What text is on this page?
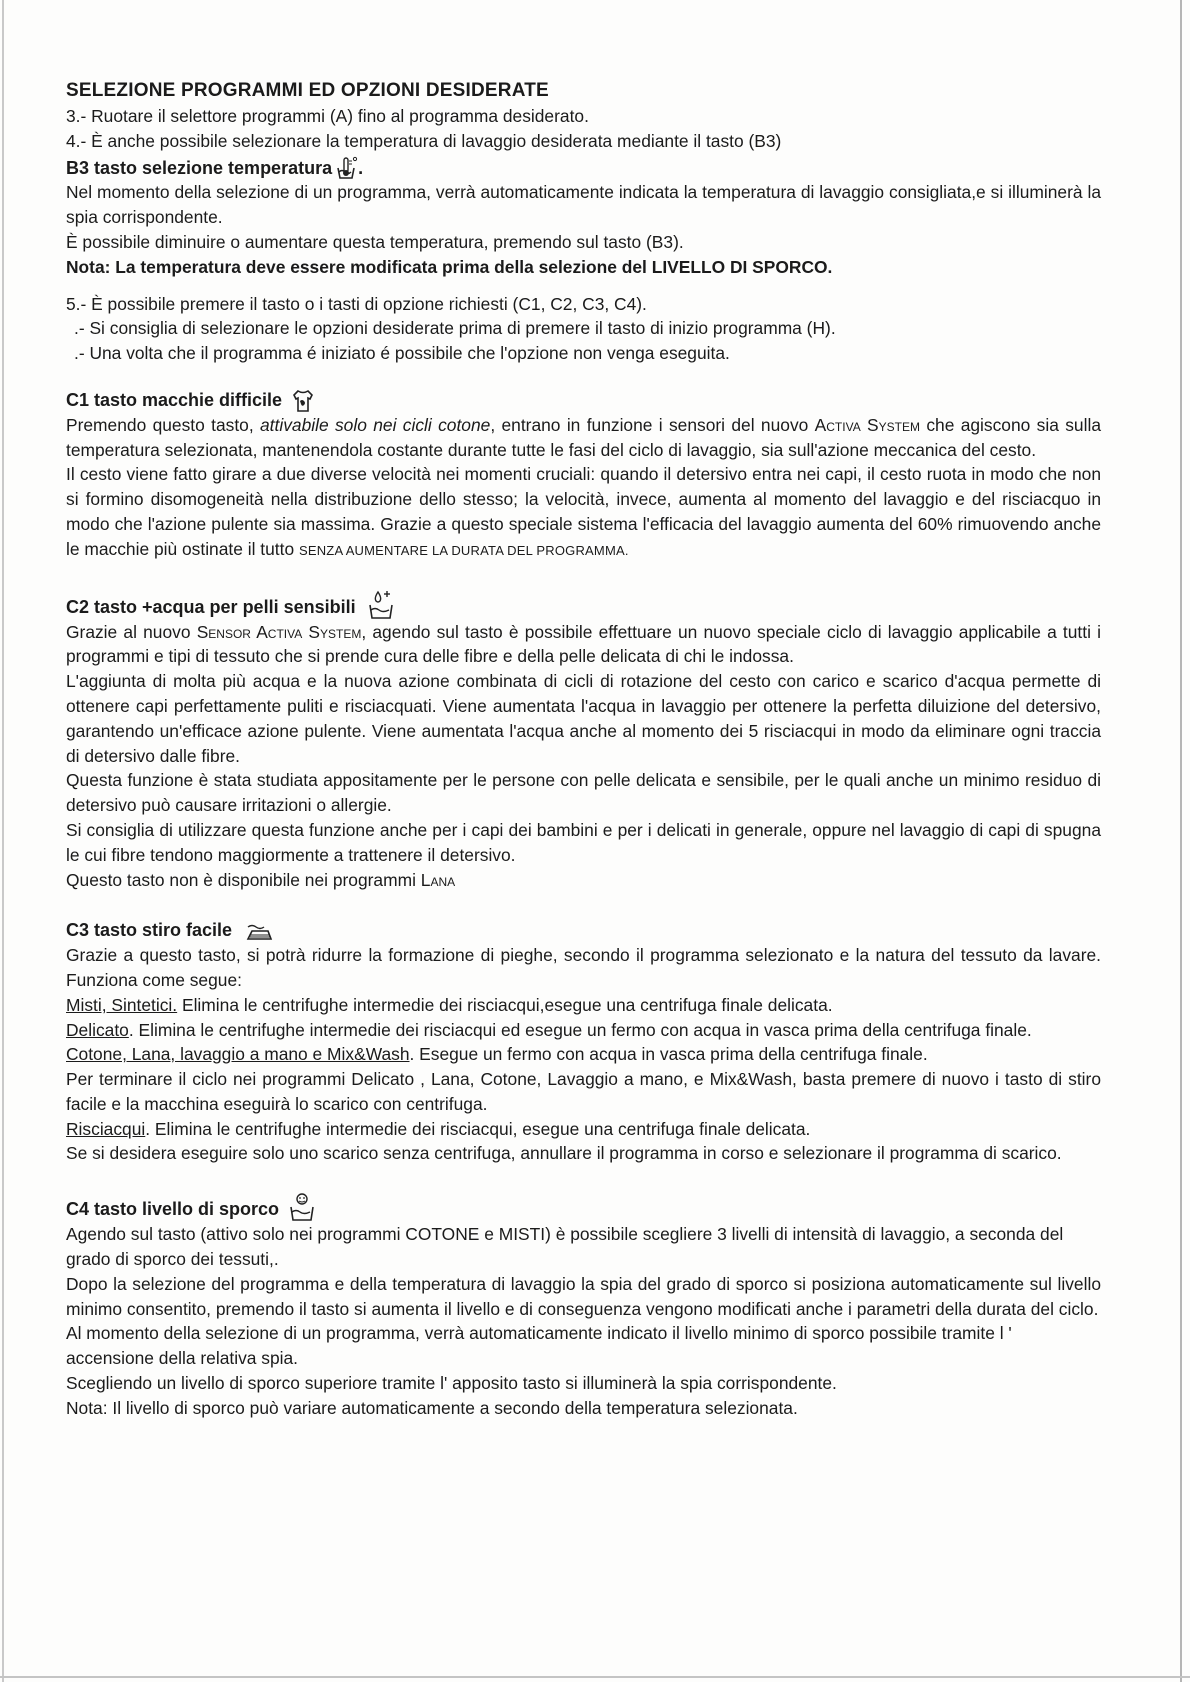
SELEZIONE PROGRAMMI ED OPZIONI DESIDERATE

3.- Ruotare il selettore programmi (A) fino al programma desiderato.

4.- È anche possibile selezionare la temperatura di lavaggio desiderata mediante il tasto (B3)

B3 tasto selezione temperatura .

Nel momento della selezione di un programma, verrà automaticamente indicata la temperatura di lavaggio consigliata,e si illuminerà la spia corrispondente.

È possibile diminuire o aumentare questa temperatura, premendo sul tasto (B3).

Nota: La temperatura deve essere modificata prima della selezione del LIVELLO DI SPORCO.

5.- È possibile premere il tasto o i tasti di opzione richiesti (C1, C2, C3, C4).

.- Si consiglia di selezionare le opzioni desiderate prima di premere il tasto di inizio programma (H).

.- Una volta che il programma é iniziato é possibile che l'opzione non venga eseguita.

C1 tasto macchie difficile

Premendo questo tasto, attivabile solo nei cicli cotone, entrano in funzione i sensori del nuovo Activa System che agiscono sia sulla temperatura selezionata, mantenendola costante durante tutte le fasi del ciclo di lavaggio, sia sull'azione meccanica del cesto.

Il cesto viene fatto girare a due diverse velocità nei momenti cruciali: quando il detersivo entra nei capi, il cesto ruota in modo che non si formino disomogeneità nella distribuzione dello stesso; la velocità, invece, aumenta al momento del lavaggio e del risciacquo in modo che l'azione pulente sia massima. Grazie a questo speciale sistema l'efficacia del lavaggio aumenta del 60% rimuovendo anche le macchie più ostinate il tutto SENZA AUMENTARE LA DURATA DEL PROGRAMMA.

C2 tasto +acqua per pelli sensibili

Grazie al nuovo Sensor Activa System, agendo sul tasto è possibile effettuare un nuovo speciale ciclo di lavaggio applicabile a tutti i programmi e tipi di tessuto che si prende cura delle fibre e della pelle delicata di chi le indossa.

L'aggiunta di molta più acqua e la nuova azione combinata di cicli di rotazione del cesto con carico e scarico d'acqua permette di ottenere capi perfettamente puliti e risciacquati. Viene aumentata l'acqua in lavaggio per ottenere la perfetta diluizione del detersivo, garantendo un'efficace azione pulente. Viene aumentata l'acqua anche al momento dei 5 risciacqui in modo da eliminare ogni traccia di detersivo dalle fibre.

Questa funzione è stata studiata appositamente per le persone con pelle delicata e sensibile, per le quali anche un minimo residuo di detersivo può causare irritazioni o allergie.

Si consiglia di utilizzare questa funzione anche per i capi dei bambini e per i delicati in generale, oppure nel lavaggio di capi di spugna le cui fibre tendono maggiormente a trattenere il detersivo.

Questo tasto non è disponibile nei programmi Lana

C3 tasto stiro facile

Grazie a questo tasto, si potrà ridurre la formazione di pieghe, secondo il programma selezionato e la natura del tessuto da lavare. Funziona come segue:

Misti, Sintetici. Elimina le centrifughe intermedie dei risciacqui,esegue una centrifuga finale delicata.

Delicato. Elimina le centrifughe intermedie dei risciacqui ed esegue un fermo con acqua in vasca prima della centrifuga finale.

Cotone, Lana, lavaggio a mano e Mix&Wash. Esegue un fermo con acqua in vasca prima della centrifuga finale.

Per terminare il ciclo nei programmi Delicato , Lana, Cotone, Lavaggio a mano, e Mix&Wash, basta premere di nuovo i tasto di stiro facile e la macchina eseguirà lo scarico con centrifuga.

Risciacqui. Elimina le centrifughe intermedie dei risciacqui, esegue una centrifuga finale delicata.

Se si desidera eseguire solo uno scarico senza centrifuga, annullare il programma in corso e selezionare il programma di scarico.

C4 tasto livello di sporco

Agendo sul tasto (attivo solo nei programmi COTONE e MISTI) è possibile scegliere 3 livelli di intensità di lavaggio, a seconda del grado di sporco dei tessuti,.

Dopo la selezione del programma e della temperatura di lavaggio la spia del grado di sporco si posiziona automaticamente sul livello minimo consentito, premendo il tasto si aumenta il livello e di conseguenza vengono modificati anche i parametri della durata del ciclo.

Al momento della selezione di un programma, verrà automaticamente indicato il livello minimo di sporco possibile tramite l ' accensione della relativa spia.

Scegliendo un livello di sporco superiore tramite l' apposito tasto si illuminerà la spia corrispondente.

Nota: Il livello di sporco può variare automaticamente a secondo della temperatura selezionata.
